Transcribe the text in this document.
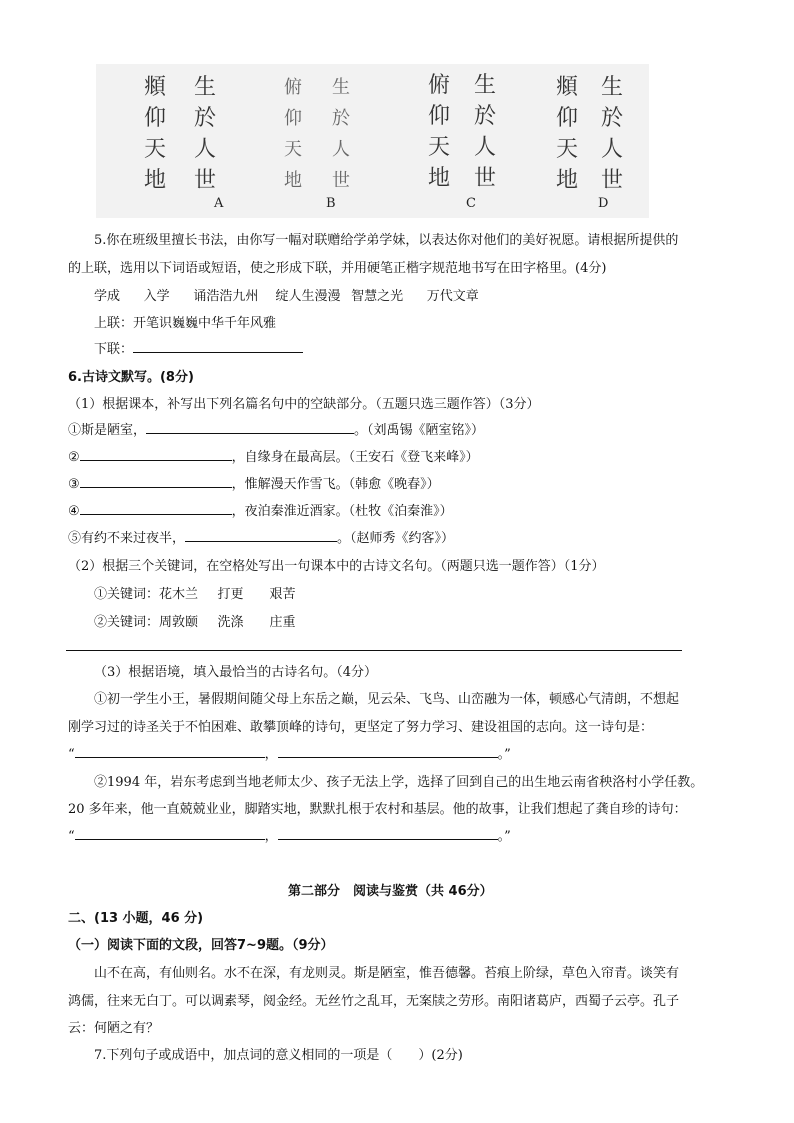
頫
仰
天
地
生
於
人
世
A
俯
仰
天
地
生
於
人
世
B
俯
仰
天
地
生
於
人
世
C
頫
仰
天
地
生
於
人
世
D
5.你在班级里擅长书法，由你写一幅对联赠给学弟学妹，以表达你对他们的美好祝愿。请根据所提供的
的上联，选用以下词语或短语，使之形成下联，并用硬笔正楷字规范地书写在田字格里。(4分)
学成   入学   诵浩浩九州  绽人生漫漫  智慧之光   万代文章
上联：开笔识巍巍中华千年风雅
下联：
6.古诗文默写。(8分)
（1）根据课本，补写出下列名篇名句中的空缺部分。（五题只选三题作答）（3分）
①斯是陋室，	。（刘禹锡《陋室铭》）
②	，自缘身在最高层。（王安石《登飞来峰》）
③	，惟解漫天作雪飞。（韩愈《晚春》）
④	，夜泊秦淮近酒家。（杜牧《泊秦淮》）
⑤有约不来过夜半，	。（赵师秀《约客》）
（2）根据三个关键词，在空格处写出一句课本中的古诗文名句。（两题只选一题作答）（1分）
①关键词：花木兰   打更   艰苦
②关键词：周敦颐   洗涤   庄重
（3）根据语境，填入最恰当的古诗名句。（4分）
①初一学生小王，暑假期间随父母上东岳之巅，见云朵、飞鸟、山峦融为一体，顿感心气清朗，不想起
刚学习过的诗圣关于不怕困难、敢攀顶峰的诗句，更坚定了努力学习、建设祖国的志向。这一诗句是：
“	，	。”
②1994 年，岩东考虑到当地老师太少、孩子无法上学，选择了回到自己的出生地云南省秧洛村小学任教。
20 多年来，他一直兢兢业业，脚踏实地，默默扎根于农村和基层。他的故事，让我们想起了龚自珍的诗句：
“	，	。”
第二部分　阅读与鉴赏（共 46分）
二、(13 小题，46 分)
（一）阅读下面的文段，回答7~9题。（9分）
山不在高，有仙则名。水不在深，有龙则灵。斯是陋室，惟吾德馨。苔痕上阶绿，草色入帘青。谈笑有
鸿儒，往来无白丁。可以调素琴，阅金经。无丝竹之乱耳，无案牍之劳形。南阳诸葛庐，西蜀子云亭。孔子
云：何陋之有？
7.下列句子或成语中，加点词的意义相同的一项是（　　）(2分)
